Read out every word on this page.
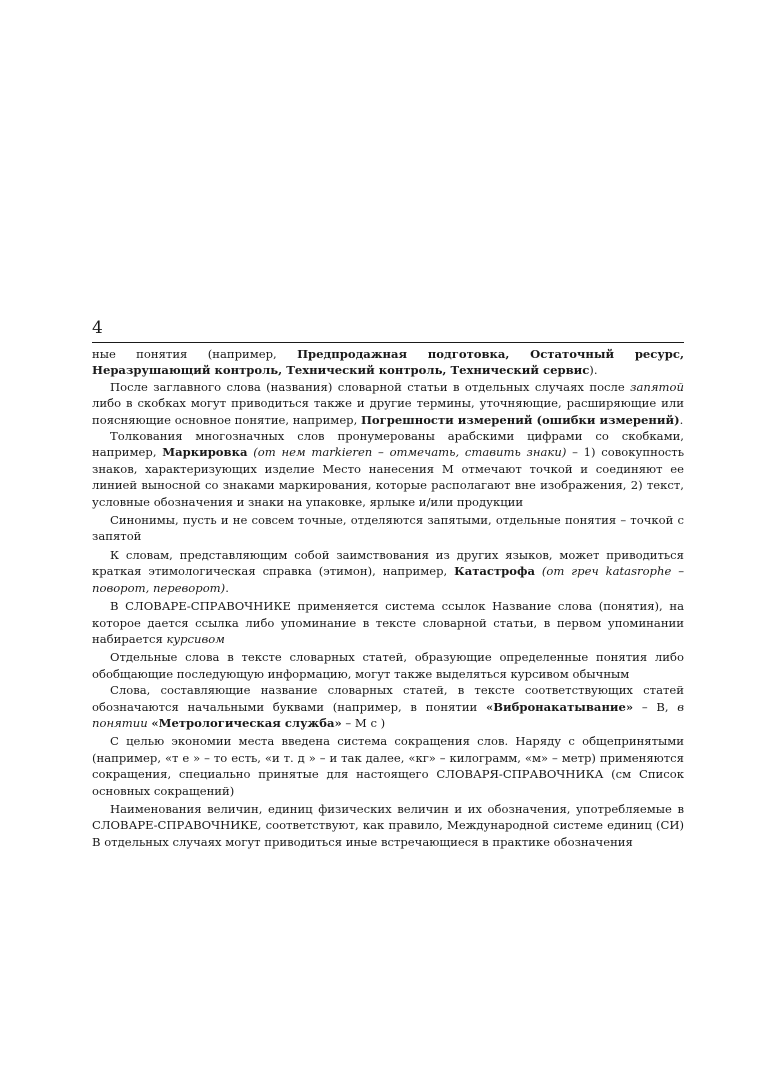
4

ные понятия (например, Предпродажная подготовка, Остаточный ресурс, Неразрушающий контроль, Технический контроль, Технический сервис).

После заглавного слова (названия) словарной статьи в отдельных случаях после запятой либо в скобках могут приводиться также и другие термины, уточняющие, расширяющие или поясняющие основное понятие, например, Погрешности измерений (ошибки измерений).

Толкования многозначных слов пронумерованы арабскими цифрами со скобками, например, Маркировка (от нем markieren – отмечать, ставить знаки) – 1) совокупность знаков, характеризующих изделие Место нанесения М отмечают точкой и соединяют ее линией выносной со знаками маркирования, которые располагают вне изображения, 2) текст, условные обозначения и знаки на упаковке, ярлыке и/или продукции

Синонимы, пусть и не совсем точные, отделяются запятыми, отдельные понятия – точкой с запятой

К словам, представляющим собой заимствования из других языков, может приводиться краткая этимологическая справка (этимон), например, Катастрофа (от греч katasrophe – поворот, переворот).

В СЛОВАРЕ-СПРАВОЧНИКЕ применяется система ссылок Название слова (понятия), на которое дается ссылка либо упоминание в тексте словарной статьи, в первом упоминании набирается курсивом

Отдельные слова в тексте словарных статей, образующие определенные понятия либо обобщающие последующую информацию, могут также выделяться курсивом обычным

Слова, составляющие название словарных статей, в тексте соответствующих статей обозначаются начальными буквами (например, в понятии «Вибронакатывание» – В, в понятии «Метрологическая служба» – М с )

С целью экономии места введена система сокращения слов. Наряду с общепринятыми (например, «т е » – то есть, «и т. д » – и так далее, «кг» – килограмм, «м» – метр) применяются сокращения, специально принятые для настоящего СЛОВАРЯ-СПРАВОЧНИКА (см Список основных сокращений)

Наименования величин, единиц физических величин и их обозначения, употребляемые в СЛОВАРЕ-СПРАВОЧНИКЕ, соответствуют, как правило, Международной системе единиц (СИ) В отдельных случаях могут приводиться иные встречающиеся в практике обозначения
